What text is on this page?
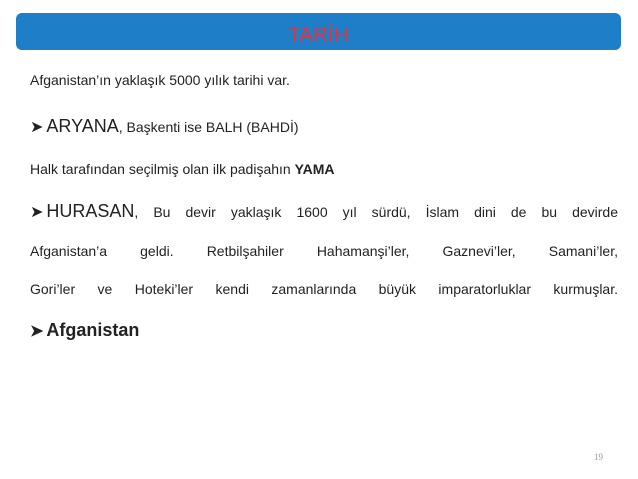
TARİH
Afganistan’ın yaklaşık 5000 yılık tarihi var.
➤ ARYANA, Başkenti ise BALH (BAHDİ)
Halk tarafından seçilmiş olan ilk padişahın YAMA
➤ HURASAN , Bu devir yaklaşık 1600 yıl sürdü, İslam dini de bu devirde
Afganistan’a geldi. Retbilşahiler Hahamanşi’ler, Gaznevi’ler, Samani’ler,
Gori’ler ve Hoteki’ler kendi zamanlarında büyük imparatorluklar kurmuşlar.
➤ Afganistan
19
